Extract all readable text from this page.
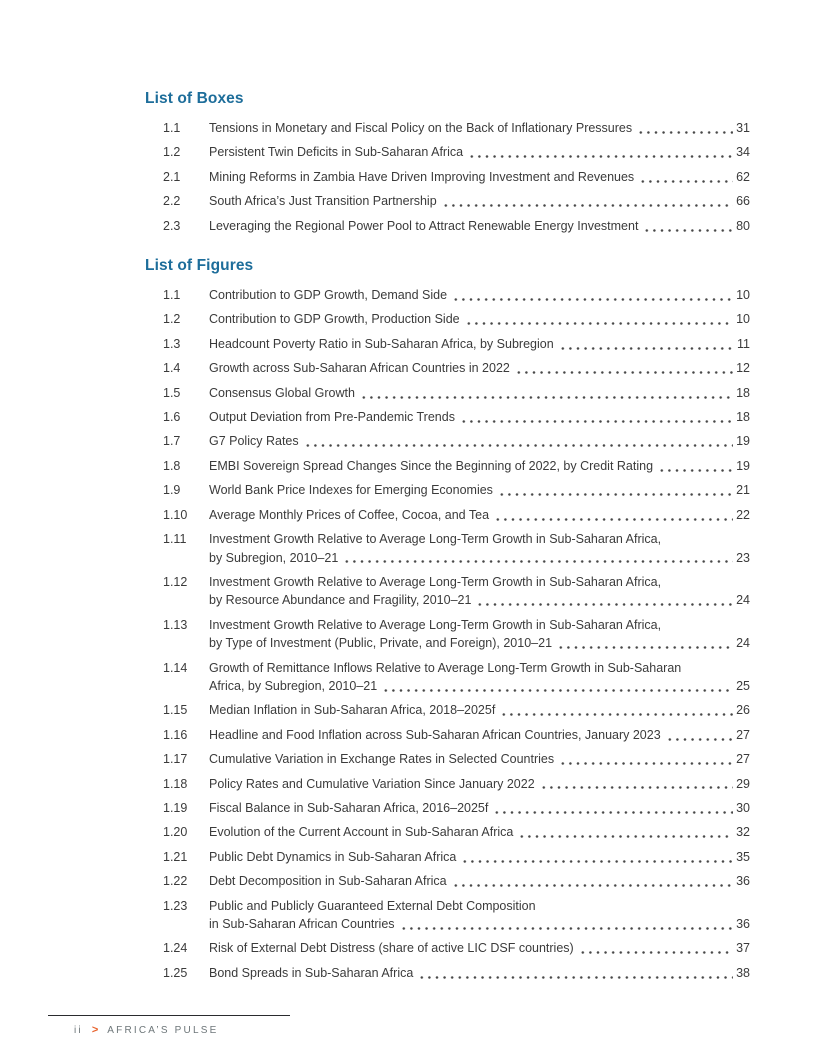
List of Boxes
1.1	Tensions in Monetary and Fiscal Policy on the Back of Inflationary Pressures	31
1.2	Persistent Twin Deficits in Sub-Saharan Africa	34
2.1	Mining Reforms in Zambia Have Driven Improving Investment and Revenues	62
2.2	South Africa’s Just Transition Partnership	66
2.3	Leveraging the Regional Power Pool to Attract Renewable Energy Investment	80
List of Figures
1.1	Contribution to GDP Growth, Demand Side	10
1.2	Contribution to GDP Growth, Production Side	10
1.3	Headcount Poverty Ratio in Sub-Saharan Africa, by Subregion	11
1.4	Growth across Sub-Saharan African Countries in 2022	12
1.5	Consensus Global Growth	18
1.6	Output Deviation from Pre-Pandemic Trends	18
1.7	G7 Policy Rates	19
1.8	EMBI Sovereign Spread Changes Since the Beginning of 2022, by Credit Rating	19
1.9	World Bank Price Indexes for Emerging Economies	21
1.10	Average Monthly Prices of Coffee, Cocoa, and Tea	22
1.11	Investment Growth Relative to Average Long-Term Growth in Sub-Saharan Africa,
by Subregion, 2010–21	23
1.12	Investment Growth Relative to Average Long-Term Growth in Sub-Saharan Africa,
by Resource Abundance and Fragility, 2010–21	24
1.13	Investment Growth Relative to Average Long-Term Growth in Sub-Saharan Africa,
by Type of Investment (Public, Private, and Foreign), 2010–21	24
1.14	Growth of Remittance Inflows Relative to Average Long-Term Growth in Sub-Saharan
Africa, by Subregion, 2010–21	25
1.15	Median Inflation in Sub-Saharan Africa, 2018–2025f	26
1.16	Headline and Food Inflation across Sub-Saharan African Countries, January 2023	27
1.17	Cumulative Variation in Exchange Rates in Selected Countries	27
1.18	Policy Rates and Cumulative Variation Since January 2022	29
1.19	Fiscal Balance in Sub-Saharan Africa, 2016–2025f	30
1.20	Evolution of the Current Account in Sub-Saharan Africa	32
1.21	Public Debt Dynamics in Sub-Saharan Africa	35
1.22	Debt Decomposition in Sub-Saharan Africa	36
1.23	Public and Publicly Guaranteed External Debt Composition
in Sub-Saharan African Countries	36
1.24	Risk of External Debt Distress (share of active LIC DSF countries)	37
1.25	Bond Spreads in Sub-Saharan Africa	38
ii > AFRICA’S PULSE
